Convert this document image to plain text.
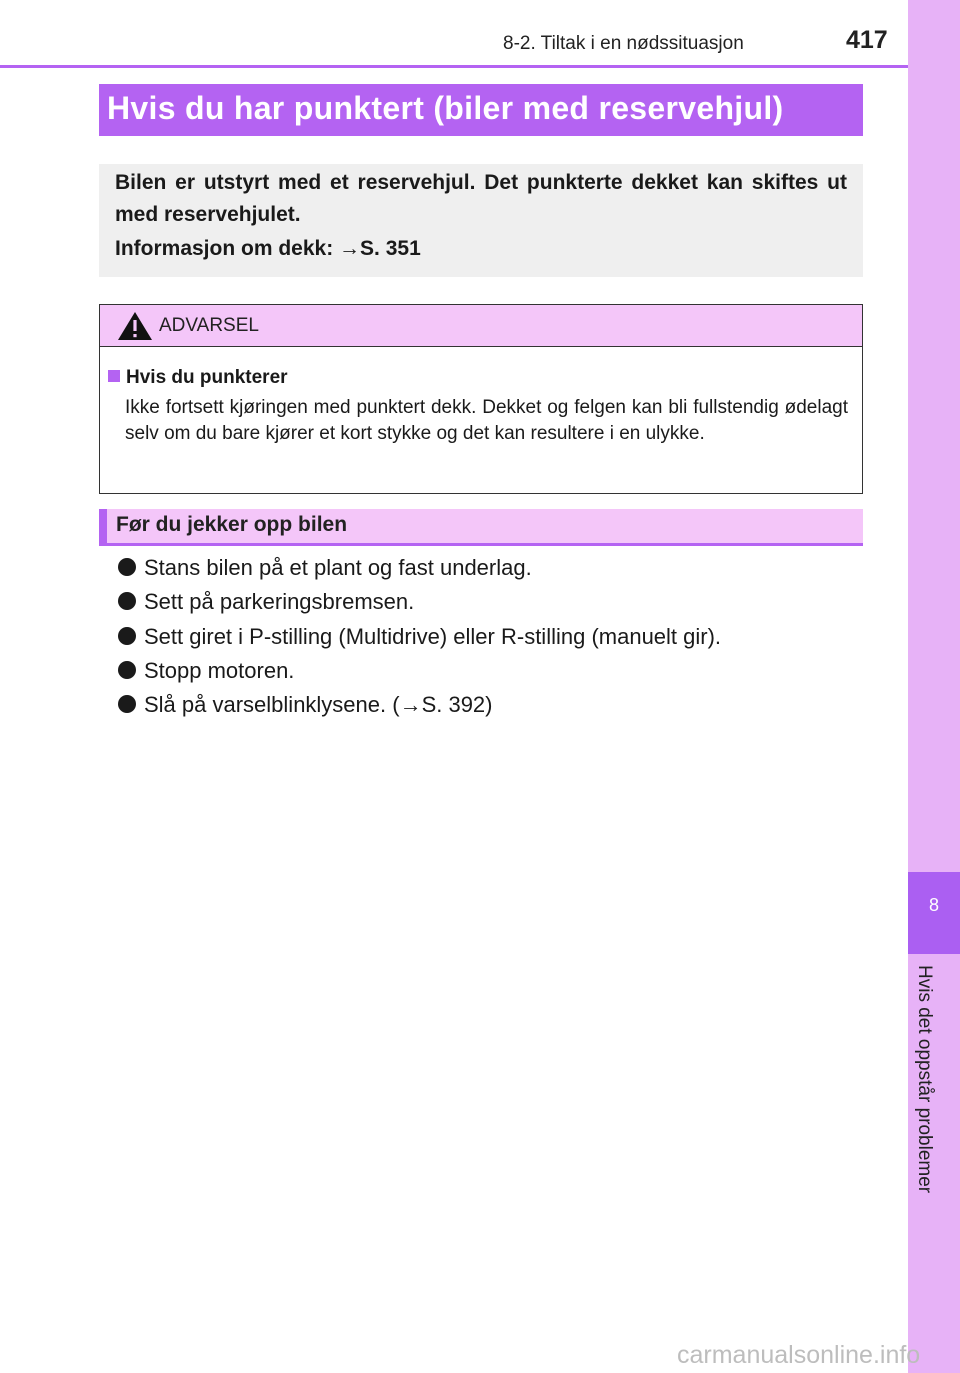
8-2. Tiltak i en nødssituasjon	417
8
Hvis det oppstår problemer
Hvis du har punktert (biler med reservehjul)
Bilen er utstyrt med et reservehjul. Det punkterte dekket kan skiftes ut med reservehjulet.
Informasjon om dekk: →S. 351
ADVARSEL
Hvis du punkterer
Ikke fortsett kjøringen med punktert dekk. Dekket og felgen kan bli fullstendig ødelagt selv om du bare kjører et kort stykke og det kan resultere i en ulykke.
Før du jekker opp bilen
Stans bilen på et plant og fast underlag.
Sett på parkeringsbremsen.
Sett giret i P-stilling (Multidrive) eller R-stilling (manuelt gir).
Stopp motoren.
Slå på varselblinklysene. (→S. 392)
carmanualsonline.info
